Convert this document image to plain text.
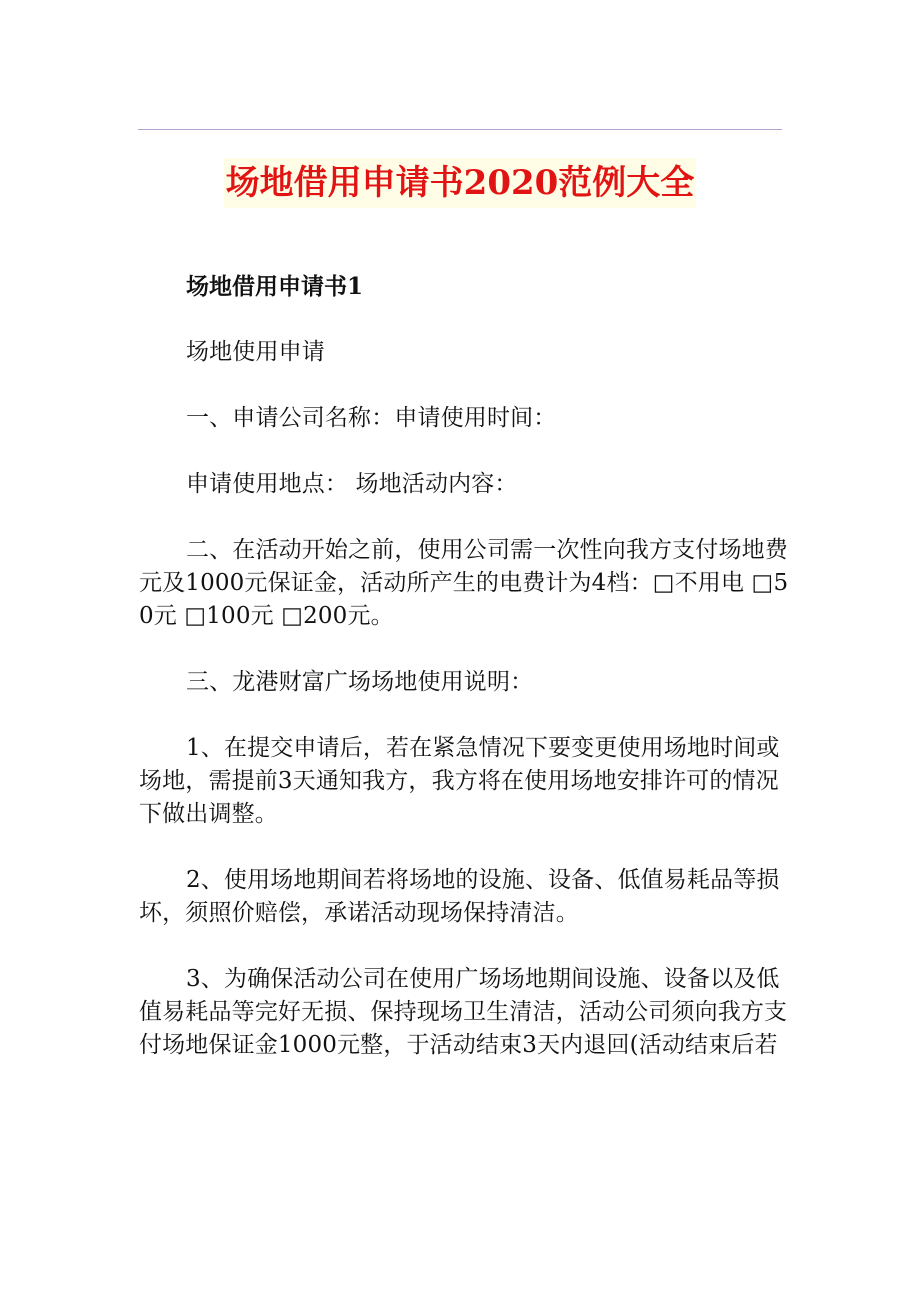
场地借用申请书2020范例大全
场地借用申请书1

场地使用申请

一、申请公司名称：申请使用时间：

申请使用地点： 场地活动内容：

二、在活动开始之前，使用公司需一次性向我方支付场地费元及1000元保证金，活动所产生的电费计为4档：□不用电 □50元 □100元 □200元。

三、龙港财富广场场地使用说明：

1、在提交申请后，若在紧急情况下要变更使用场地时间或场地，需提前3天通知我方，我方将在使用场地安排许可的情况下做出调整。

2、使用场地期间若将场地的设施、设备、低值易耗品等损坏，须照价赔偿，承诺活动现场保持清洁。

3、为确保活动公司在使用广场场地期间设施、设备以及低值易耗品等完好无损、保持现场卫生清洁，活动公司须向我方支付场地保证金1000元整，于活动结束3天内退回(活动结束后若
